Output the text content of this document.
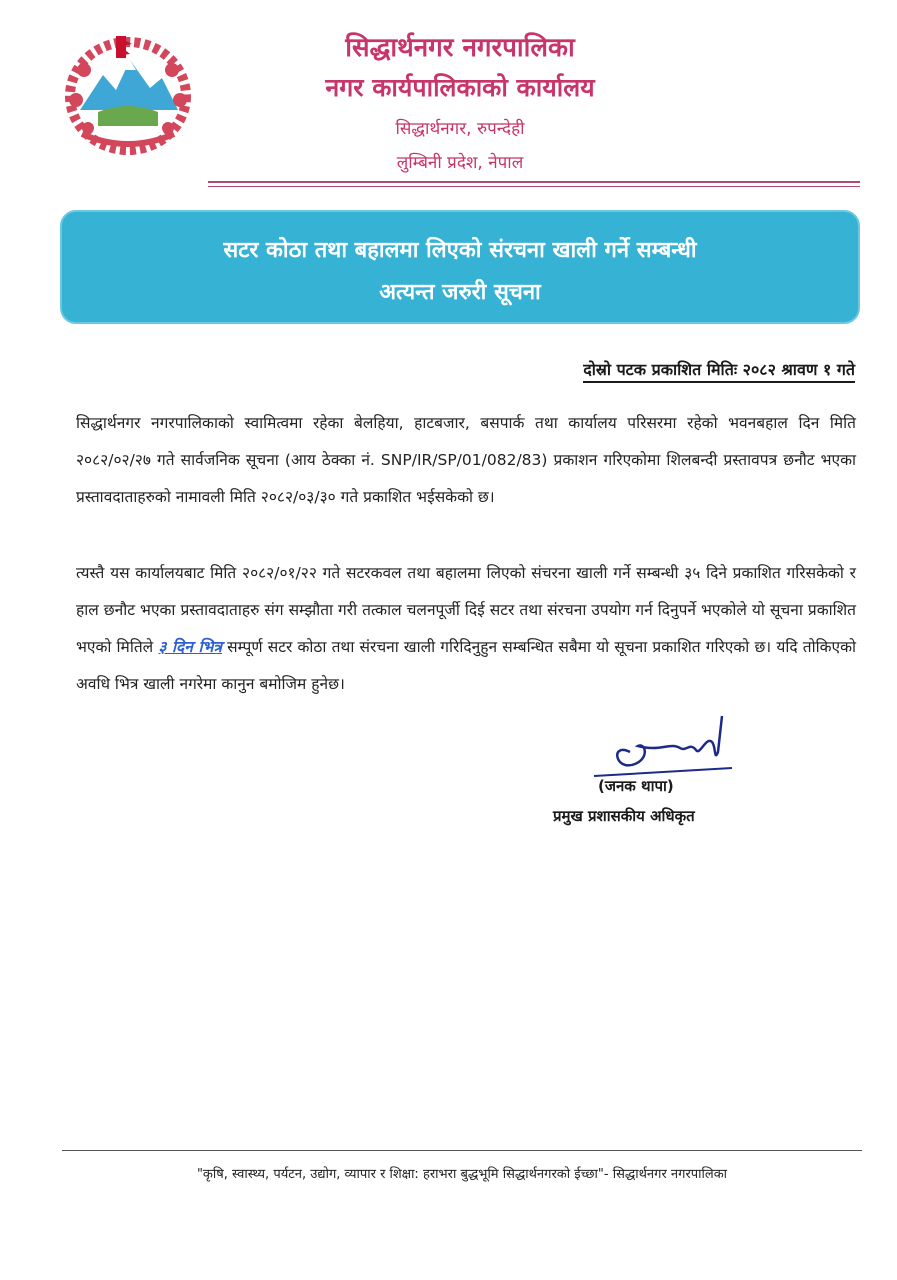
सिद्धार्थनगर नगरपालिका
नगर कार्यपालिकाको कार्यालय
सिद्धार्थनगर, रुपन्देही
लुम्बिनी प्रदेश, नेपाल
सटर कोठा तथा बहालमा लिएको संरचना खाली गर्ने सम्बन्धी
अत्यन्त जरुरी सूचना
दोस्रो पटक प्रकाशित मितिः २०८२ श्रावण १ गते
सिद्धार्थनगर नगरपालिकाको स्वामित्वमा रहेका बेलहिया, हाटबजार, बसपार्क तथा कार्यालय परिसरमा रहेको भवनबहाल दिन मिति २०८२/०२/२७ गते सार्वजनिक सूचना (आय ठेक्का नं. SNP/IR/SP/01/082/83) प्रकाशन गरिएकोमा शिलबन्दी प्रस्तावपत्र छनौट भएका प्रस्तावदाताहरुको नामावली मिति २०८२/०३/३० गते प्रकाशित भईसकेको छ।
त्यस्तै यस कार्यालयबाट मिति २०८२/०१/२२ गते सटरकवल तथा बहालमा लिएको संचरना खाली गर्ने सम्बन्धी ३५ दिने प्रकाशित गरिसकेको र हाल छनौट भएका प्रस्तावदाताहरु संग सम्झौता गरी तत्काल चलनपूर्जी दिई सटर तथा संरचना उपयोग गर्न दिनुपर्ने भएकोले यो सूचना प्रकाशित भएको मितिले ३ दिन भित्र सम्पूर्ण सटर कोठा तथा संरचना खाली गरिदिनुहुन सम्बन्धित सबैमा यो सूचना प्रकाशित गरिएको छ। यदि तोकिएको अवधि भित्र खाली नगरेमा कानुन बमोजिम हुनेछ।
(जनक थापा)
प्रमुख प्रशासकीय अधिकृत
"कृषि, स्वास्थ्य, पर्यटन, उद्योग, व्यापार र शिक्षा: हराभरा बुद्धभूमि सिद्धार्थनगरको ईच्छा"- सिद्धार्थनगर नगरपालिका
